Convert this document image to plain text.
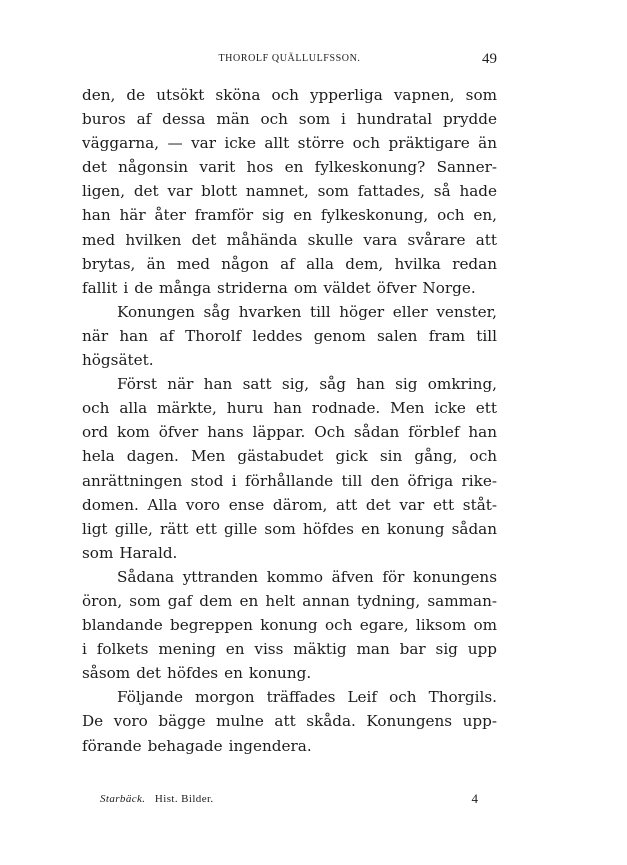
THOROLF QUÄLLULFSSON.	49
den, de utsökt sköna och ypperliga vapnen, som
buros af dessa män och som i hundratal prydde
väggarna, — var icke allt större och präktigare än
det någonsin varit hos en fylkeskonung? Sanner-
ligen, det var blott namnet, som fattades, så hade
han här åter framför sig en fylkeskonung, och en,
med hvilken det måhända skulle vara svårare att
brytas, än med någon af alla dem, hvilka redan
fallit i de många striderna om väldet öfver Norge.
Konungen såg hvarken till höger eller venster,
när han af Thorolf leddes genom salen fram till
högsätet.
Först när han satt sig, såg han sig omkring,
och alla märkte, huru han rodnade. Men icke ett
ord kom öfver hans läppar. Och sådan förblef han
hela dagen. Men gästabudet gick sin gång, och
anrättningen stod i förhållande till den öfriga rike-
domen. Alla voro ense därom, att det var ett ståt-
ligt gille, rätt ett gille som höfdes en konung sådan
som Harald.
Sådana yttranden kommo äfven för konungens
öron, som gaf dem en helt annan tydning, samman-
blandande begreppen konung och egare, liksom om
i folkets mening en viss mäktig man bar sig upp
såsom det höfdes en konung.
Följande morgon träffades Leif och Thorgils.
De voro bägge mulne att skåda. Konungens upp-
förande behagade ingendera.
Starbäck. Hist. Bilder.	4
